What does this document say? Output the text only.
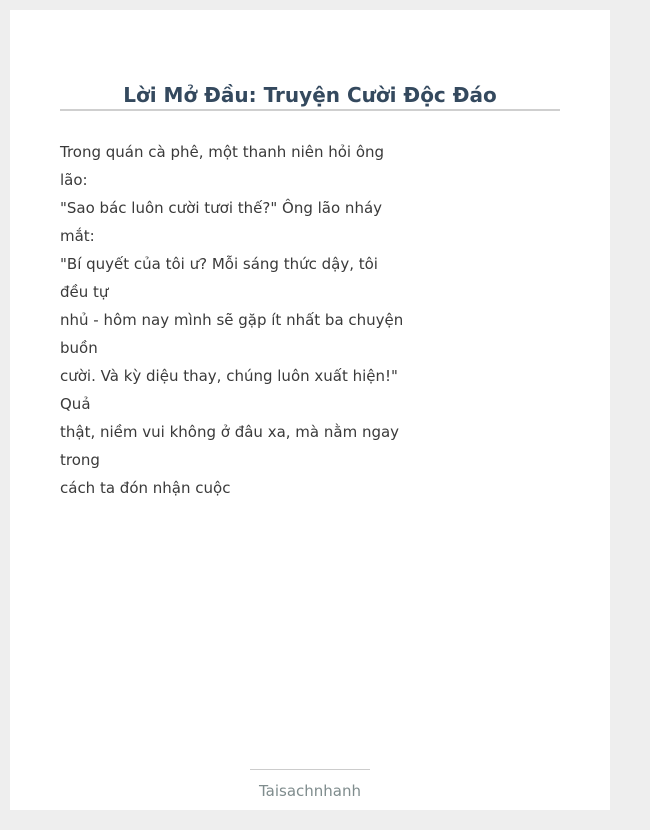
Lời Mở Đầu: Truyện Cười Độc Đáo

Trong quán cà phê, một thanh niên hỏi ông

lão:

"Sao bác luôn cười tươi thế?" Ông lão nháy

mắt:

"Bí quyết của tôi ư? Mỗi sáng thức dậy, tôi

đều tự

nhủ - hôm nay mình sẽ gặp ít nhất ba chuyện

buồn

cười. Và kỳ diệu thay, chúng luôn xuất hiện!"

Quả

thật, niềm vui không ở đâu xa, mà nằm ngay

trong

cách ta đón nhận cuộc

Taisachnhanh
